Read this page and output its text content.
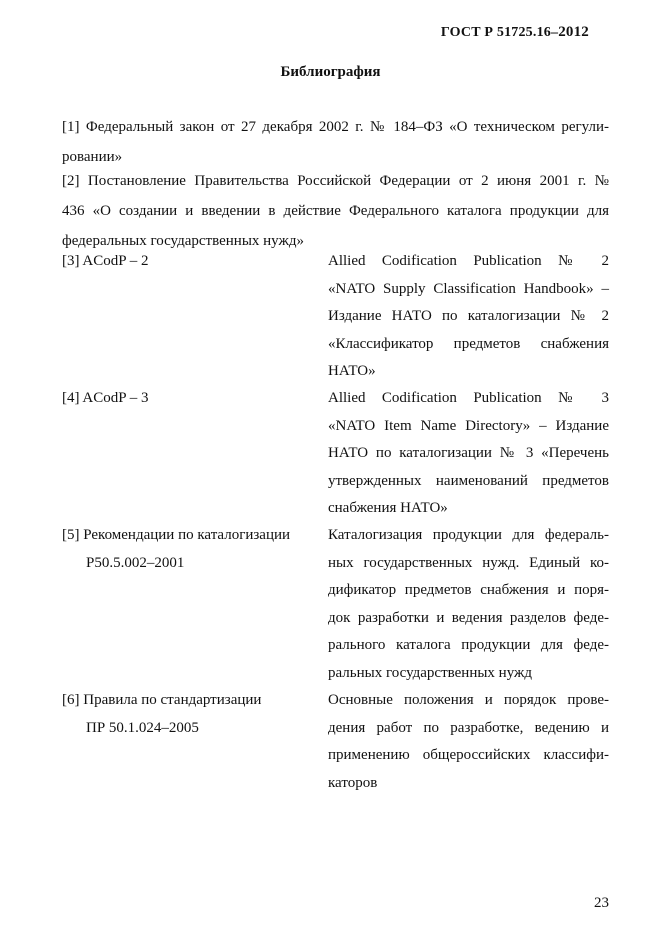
ГОСТ Р 51725.16–2012
Библиография
[1] Федеральный закон от 27 декабря 2002 г. № 184–ФЗ «О техническом регули-
ровании»
[2] Постановление Правительства Российской Федерации от 2 июня 2001 г. №
436 «О создании и введении в действие Федерального каталога продукции для
федеральных государственных нужд»
[3] ACodP – 2	Allied Codification Publication № 2
«NATO Supply Classification Handbook» –
Издание НАТО по каталогизации № 2
«Классификатор предметов снабжения
НАТО»
[4] ACodP – 3	Allied Codification Publication № 3
«NATO Item Name Directory» – Издание
НАТО по каталогизации № 3 «Перечень
утвержденных наименований предметов
снабжения НАТО»
[5] Рекомендации по каталогизации
Р50.5.002–2001
Каталогизация продукции для федераль-
ных государственных нужд. Единый ко-
дификатор предметов снабжения и поря-
док разработки и ведения разделов феде-
рального каталога продукции для феде-
ральных государственных нужд
[6] Правила по стандартизации
ПР 50.1.024–2005
Основные положения и порядок прове-
дения работ по разработке, ведению и
применению общероссийских классифи-
каторов
23
